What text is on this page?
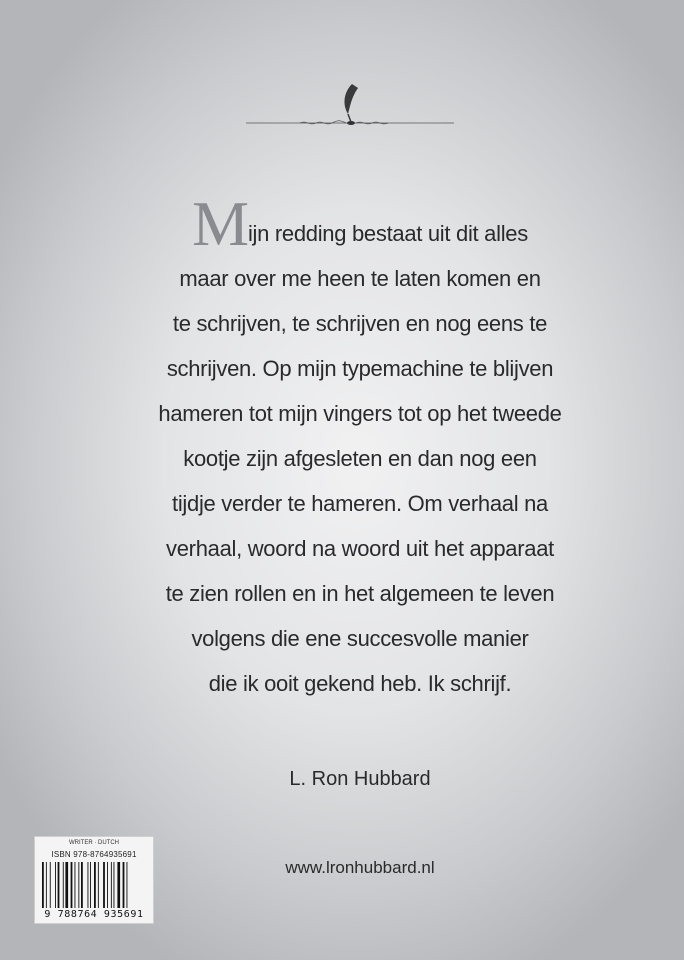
Mijn redding bestaat uit dit alles
maar over me heen te laten komen en
te schrijven, te schrijven en nog eens te
schrijven. Op mijn typemachine te blijven
hameren tot mijn vingers tot op het tweede
kootje zijn afgesleten en dan nog een
tijdje verder te hameren. Om verhaal na
verhaal, woord na woord uit het apparaat
te zien rollen en in het algemeen te leven
volgens die ene succesvolle manier
die ik ooit gekend heb. Ik schrijf.
L. Ron Hubbard
WRITER · DUTCH
ISBN 978-8764935691
9 788764 935691
www.lronhubbard.nl
